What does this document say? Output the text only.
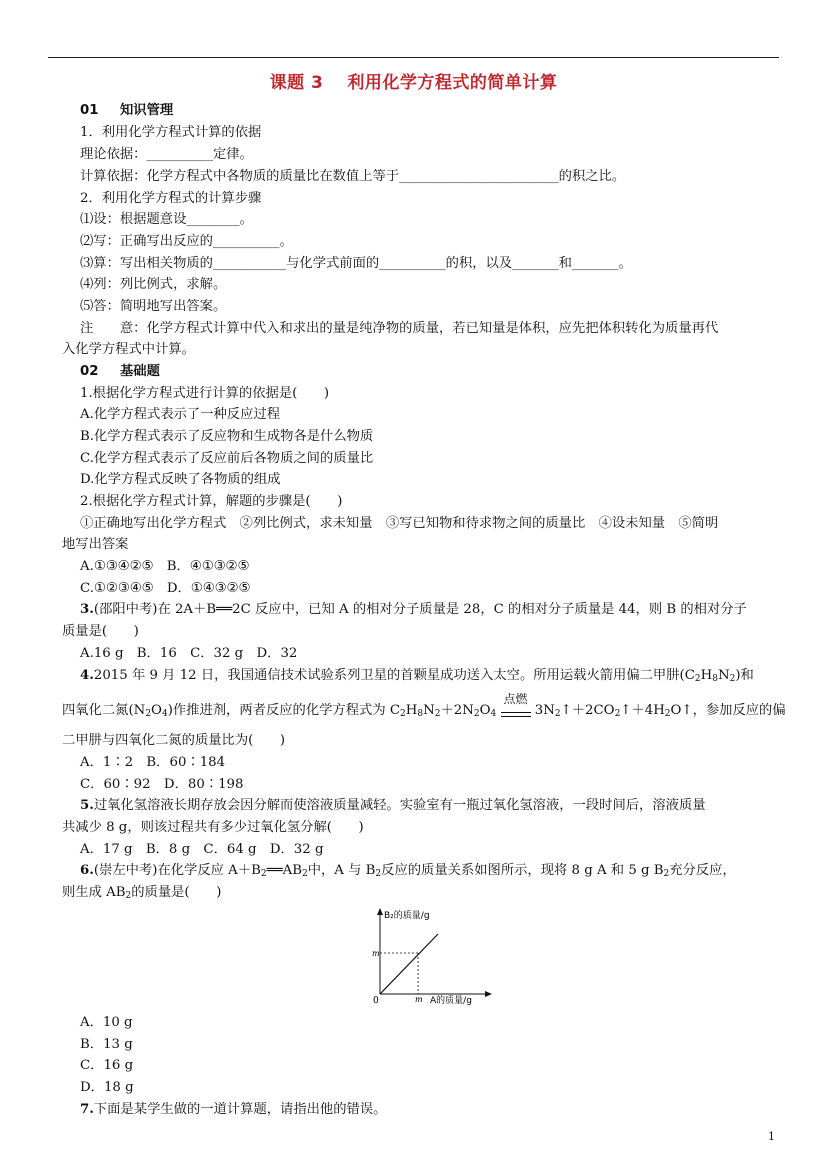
课题 3 利用化学方程式的简单计算
01 知识管理
1．利用化学方程式计算的依据
理论依据：__________定律。
计算依据：化学方程式中各物质的质量比在数值上等于________________________的积之比。
2．利用化学方程式的计算步骤
⑴设：根据题意设________。
⑵写：正确写出反应的__________。
⑶算：写出相关物质的___________与化学式前面的__________的积，以及_______和_______。
⑷列：列比例式，求解。
⑸答：简明地写出答案。
注　　意：化学方程式计算中代入和求出的量是纯净物的质量，若已知量是体积，应先把体积转化为质量再代
入化学方程式中计算。
02 基础题
1.根据化学方程式进行计算的依据是(　　)
A.化学方程式表示了一种反应过程
B.化学方程式表示了反应物和生成物各是什么物质
C.化学方程式表示了反应前后各物质之间的质量比
D.化学方程式反映了各物质的组成
2.根据化学方程式计算，解题的步骤是(　　)
①正确地写出化学方程式　②列比例式，求未知量　③写已知物和待求物之间的质量比　④设未知量　⑤简明
地写出答案
A.①③④②⑤　B．④①③②⑤
C.①②③④⑤　D．①④③②⑤
3.(邵阳中考)在 2A＋B══2C 反应中，已知 A 的相对分子质量是 28，C 的相对分子质量是 44，则 B 的相对分子
质量是(　　)
A.16 g　B．16　C．32 g　D．32
4.2015 年 9 月 12 日，我国通信技术试验系列卫星的首颗星成功送入太空。所用运载火箭用偏二甲肼$(C_2H_8N_2)$和
四氧化二氮$(N_2O_4)$作推进剂，两者反应的化学方程式为 $C_2H_8N_2+2N_2O_4$
点燃
$3N_2↑+2CO_2↑+4H_2O↑$，参加反应的偏
二甲肼与四氧化二氮的质量比为(　　)
A．1∶2　B．60∶184
C．60∶92　D．80∶198
5.过氧化氢溶液长期存放会因分解而使溶液质量减轻。实验室有一瓶过氧化氢溶液，一段时间后，溶液质量
共减少 8 g，则该过程共有多少过氧化氢分解(　　)
A．17 g　B．8 g　C．64 g　D．32 g
6.(崇左中考)在化学反应 $A+B_2══AB_2$中，A 与 $B_2$反应的质量关系如图所示，现将 8 g A 和 5 g $B_2$充分反应，
则生成 $AB_2$的质量是(　　)
A．10 g
B．13 g
C．16 g
D．18 g
7.下面是某学生做的一道计算题，请指出他的错误。
B₂的质量/g
m
0	m A的质量/g
1
